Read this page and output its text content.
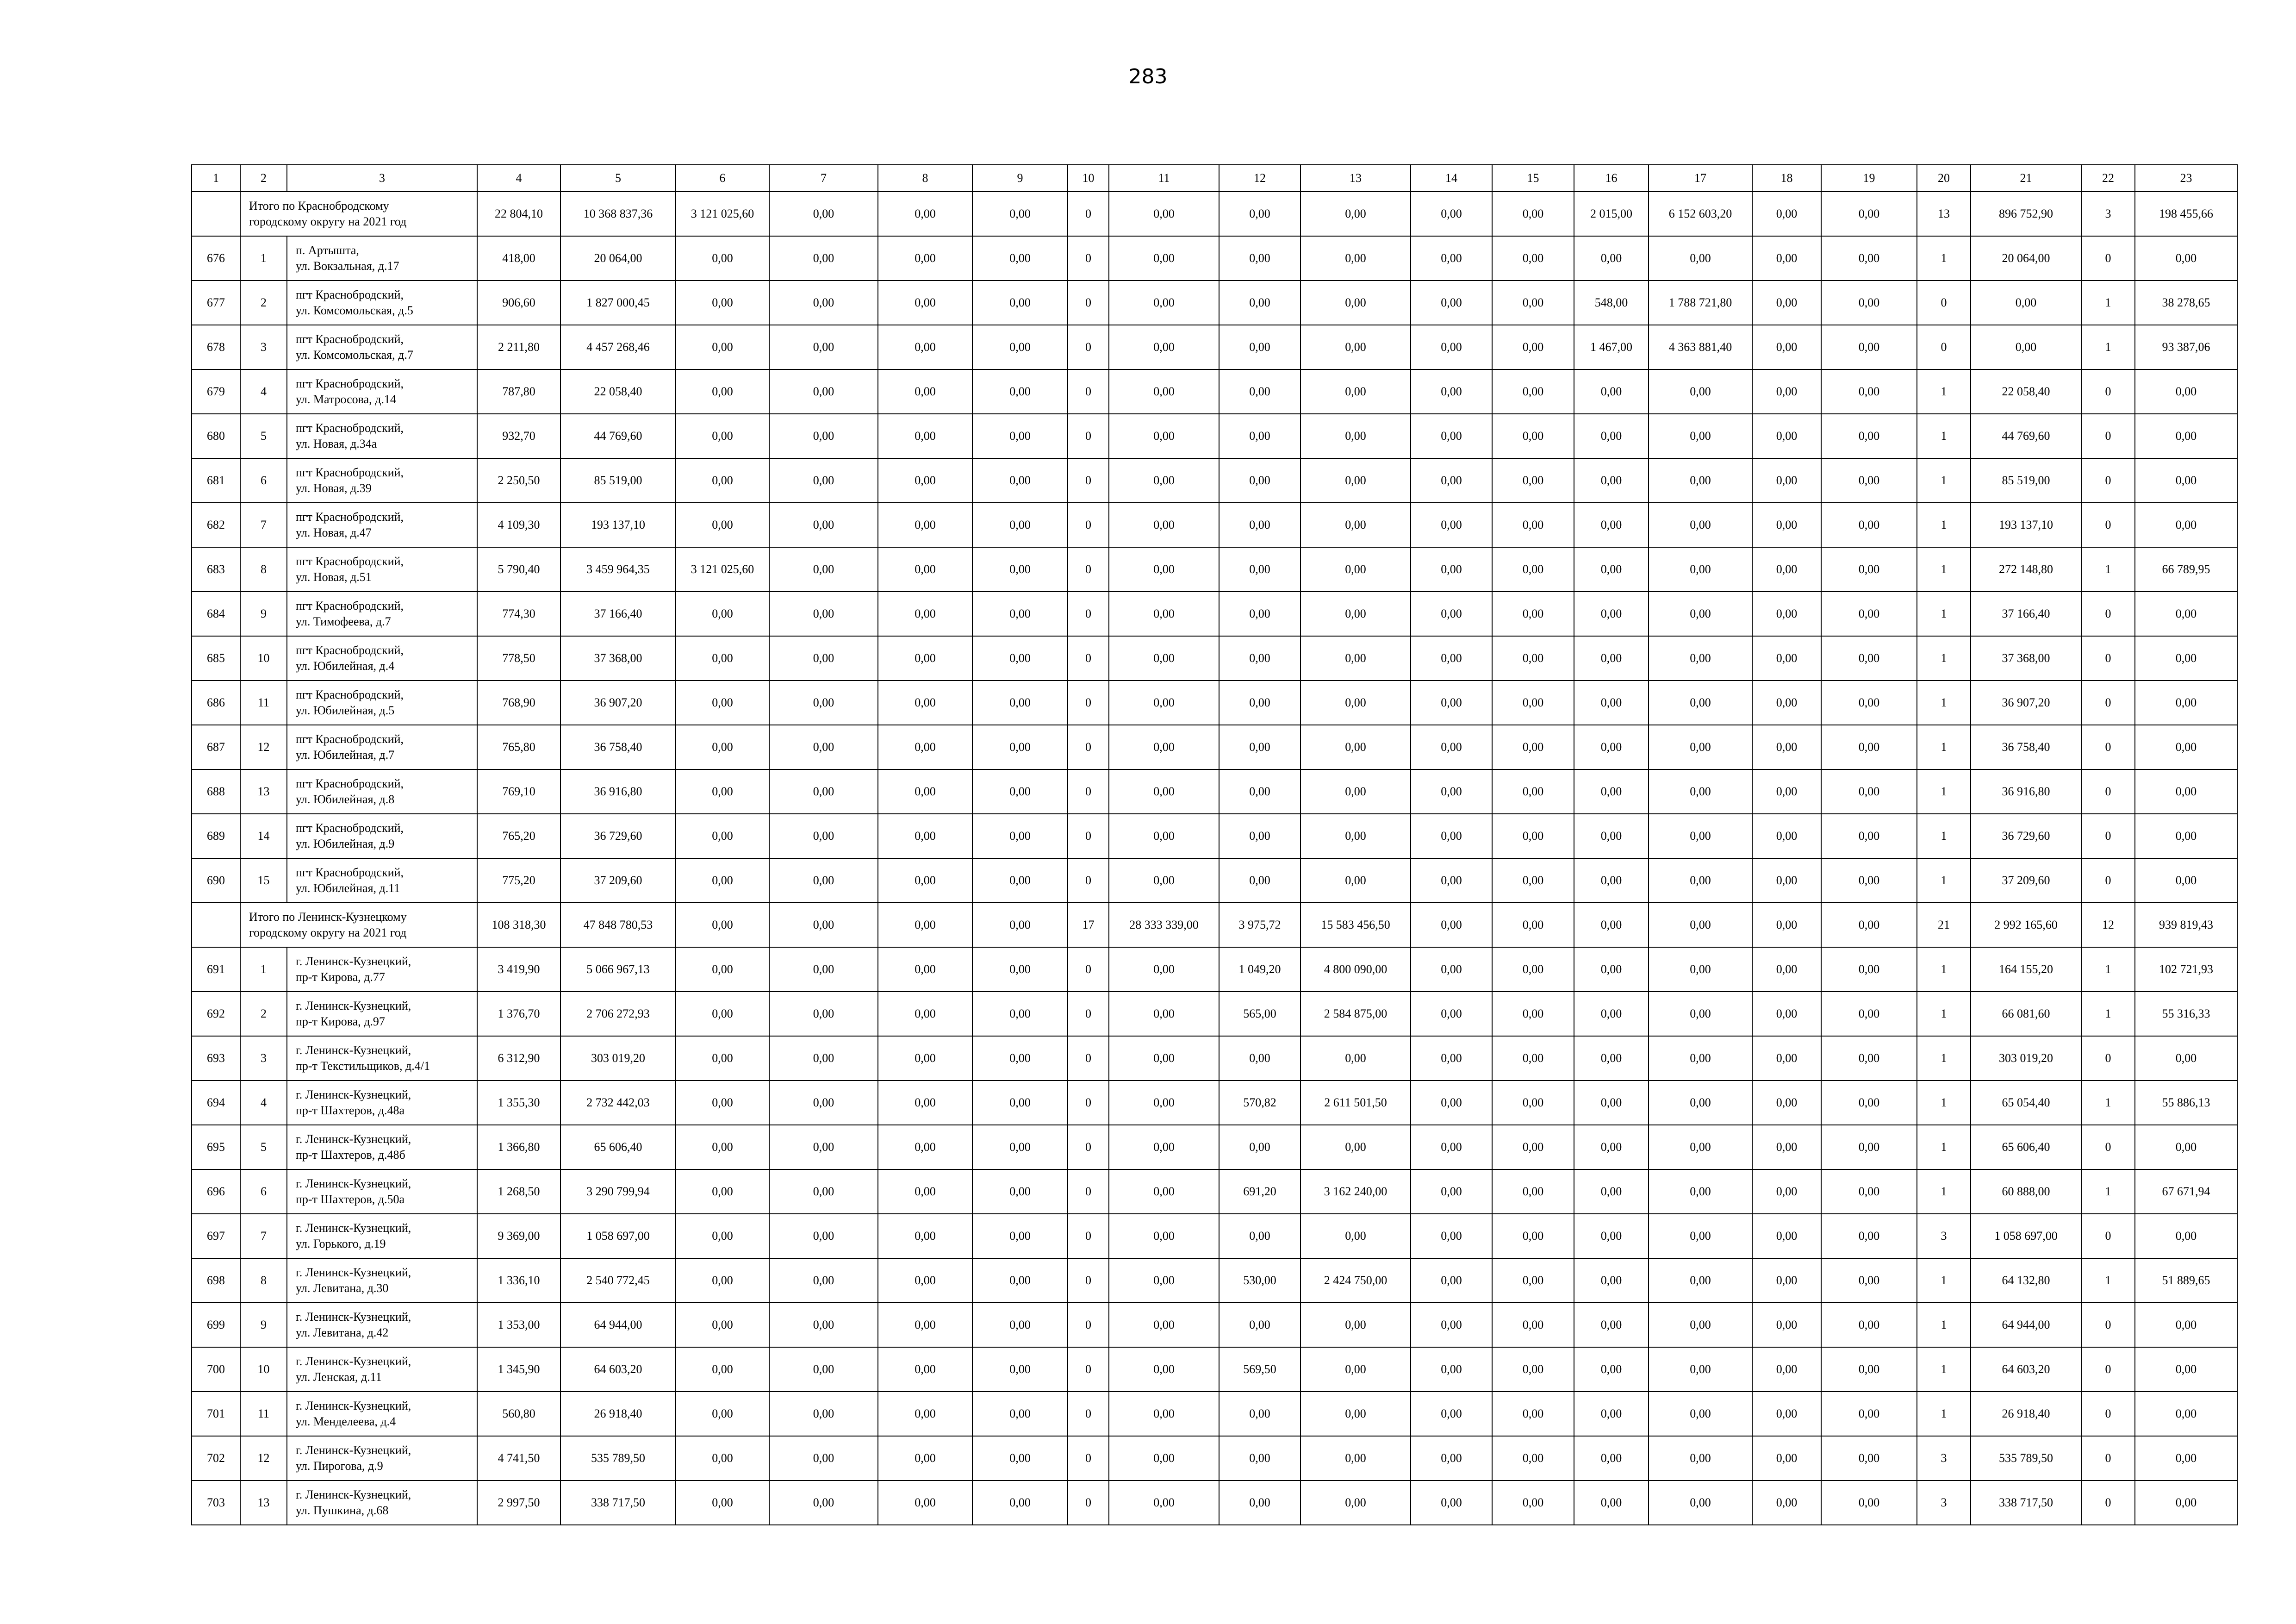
283
1	2	3	4	5	6	7	8	9	10	11	12	13	14	15	16	17	18	19	20	21	22	23
	Итого по Краснобродскому
городскому округу на 2021 год		22 804,10	10 368 837,36	3 121 025,60	0,00	0,00	0,00	0	0,00	0,00	0,00	0,00	0,00	2 015,00	6 152 603,20	0,00	0,00	13	896 752,90	3	198 455,66
676	1	п. Артышта,
ул. Вокзальная, д.17	418,00	20 064,00	0,00	0,00	0,00	0,00	0	0,00	0,00	0,00	0,00	0,00	0,00	0,00	0,00	0,00	1	20 064,00	0	0,00
677	2	пгт Краснобродский,
ул. Комсомольская, д.5	906,60	1 827 000,45	0,00	0,00	0,00	0,00	0	0,00	0,00	0,00	0,00	0,00	548,00	1 788 721,80	0,00	0,00	0	0,00	1	38 278,65
678	3	пгт Краснобродский,
ул. Комсомольская, д.7	2 211,80	4 457 268,46	0,00	0,00	0,00	0,00	0	0,00	0,00	0,00	0,00	0,00	1 467,00	4 363 881,40	0,00	0,00	0	0,00	1	93 387,06
679	4	пгт Краснобродский,
ул. Матросова, д.14	787,80	22 058,40	0,00	0,00	0,00	0,00	0	0,00	0,00	0,00	0,00	0,00	0,00	0,00	0,00	0,00	1	22 058,40	0	0,00
680	5	пгт Краснобродский,
ул. Новая, д.34а	932,70	44 769,60	0,00	0,00	0,00	0,00	0	0,00	0,00	0,00	0,00	0,00	0,00	0,00	0,00	0,00	1	44 769,60	0	0,00
681	6	пгт Краснобродский,
ул. Новая, д.39	2 250,50	85 519,00	0,00	0,00	0,00	0,00	0	0,00	0,00	0,00	0,00	0,00	0,00	0,00	0,00	0,00	1	85 519,00	0	0,00
682	7	пгт Краснобродский,
ул. Новая, д.47	4 109,30	193 137,10	0,00	0,00	0,00	0,00	0	0,00	0,00	0,00	0,00	0,00	0,00	0,00	0,00	0,00	1	193 137,10	0	0,00
683	8	пгт Краснобродский,
ул. Новая, д.51	5 790,40	3 459 964,35	3 121 025,60	0,00	0,00	0,00	0	0,00	0,00	0,00	0,00	0,00	0,00	0,00	0,00	0,00	1	272 148,80	1	66 789,95
684	9	пгт Краснобродский,
ул. Тимофеева, д.7	774,30	37 166,40	0,00	0,00	0,00	0,00	0	0,00	0,00	0,00	0,00	0,00	0,00	0,00	0,00	0,00	1	37 166,40	0	0,00
685	10	пгт Краснобродский,
ул. Юбилейная, д.4	778,50	37 368,00	0,00	0,00	0,00	0,00	0	0,00	0,00	0,00	0,00	0,00	0,00	0,00	0,00	0,00	1	37 368,00	0	0,00
686	11	пгт Краснобродский,
ул. Юбилейная, д.5	768,90	36 907,20	0,00	0,00	0,00	0,00	0	0,00	0,00	0,00	0,00	0,00	0,00	0,00	0,00	0,00	1	36 907,20	0	0,00
687	12	пгт Краснобродский,
ул. Юбилейная, д.7	765,80	36 758,40	0,00	0,00	0,00	0,00	0	0,00	0,00	0,00	0,00	0,00	0,00	0,00	0,00	0,00	1	36 758,40	0	0,00
688	13	пгт Краснобродский,
ул. Юбилейная, д.8	769,10	36 916,80	0,00	0,00	0,00	0,00	0	0,00	0,00	0,00	0,00	0,00	0,00	0,00	0,00	0,00	1	36 916,80	0	0,00
689	14	пгт Краснобродский,
ул. Юбилейная, д.9	765,20	36 729,60	0,00	0,00	0,00	0,00	0	0,00	0,00	0,00	0,00	0,00	0,00	0,00	0,00	0,00	1	36 729,60	0	0,00
690	15	пгт Краснобродский,
ул. Юбилейная, д.11	775,20	37 209,60	0,00	0,00	0,00	0,00	0	0,00	0,00	0,00	0,00	0,00	0,00	0,00	0,00	0,00	1	37 209,60	0	0,00
	Итого по Ленинск-Кузнецкому
городскому округу на 2021 год		108 318,30	47 848 780,53	0,00	0,00	0,00	0,00	17	28 333 339,00	3 975,72	15 583 456,50	0,00	0,00	0,00	0,00	0,00	0,00	21	2 992 165,60	12	939 819,43
691	1	г. Ленинск-Кузнецкий,
пр-т Кирова, д.77	3 419,90	5 066 967,13	0,00	0,00	0,00	0,00	0	0,00	1 049,20	4 800 090,00	0,00	0,00	0,00	0,00	0,00	0,00	1	164 155,20	1	102 721,93
692	2	г. Ленинск-Кузнецкий,
пр-т Кирова, д.97	1 376,70	2 706 272,93	0,00	0,00	0,00	0,00	0	0,00	565,00	2 584 875,00	0,00	0,00	0,00	0,00	0,00	0,00	1	66 081,60	1	55 316,33
693	3	г. Ленинск-Кузнецкий,
пр-т Текстильщиков, д.4/1	6 312,90	303 019,20	0,00	0,00	0,00	0,00	0	0,00	0,00	0,00	0,00	0,00	0,00	0,00	0,00	0,00	1	303 019,20	0	0,00
694	4	г. Ленинск-Кузнецкий,
пр-т Шахтеров, д.48а	1 355,30	2 732 442,03	0,00	0,00	0,00	0,00	0	0,00	570,82	2 611 501,50	0,00	0,00	0,00	0,00	0,00	0,00	1	65 054,40	1	55 886,13
695	5	г. Ленинск-Кузнецкий,
пр-т Шахтеров, д.48б	1 366,80	65 606,40	0,00	0,00	0,00	0,00	0	0,00	0,00	0,00	0,00	0,00	0,00	0,00	0,00	0,00	1	65 606,40	0	0,00
696	6	г. Ленинск-Кузнецкий,
пр-т Шахтеров, д.50а	1 268,50	3 290 799,94	0,00	0,00	0,00	0,00	0	0,00	691,20	3 162 240,00	0,00	0,00	0,00	0,00	0,00	0,00	1	60 888,00	1	67 671,94
697	7	г. Ленинск-Кузнецкий,
ул. Горького, д.19	9 369,00	1 058 697,00	0,00	0,00	0,00	0,00	0	0,00	0,00	0,00	0,00	0,00	0,00	0,00	0,00	0,00	3	1 058 697,00	0	0,00
698	8	г. Ленинск-Кузнецкий,
ул. Левитана, д.30	1 336,10	2 540 772,45	0,00	0,00	0,00	0,00	0	0,00	530,00	2 424 750,00	0,00	0,00	0,00	0,00	0,00	0,00	1	64 132,80	1	51 889,65
699	9	г. Ленинск-Кузнецкий,
ул. Левитана, д.42	1 353,00	64 944,00	0,00	0,00	0,00	0,00	0	0,00	0,00	0,00	0,00	0,00	0,00	0,00	0,00	0,00	1	64 944,00	0	0,00
700	10	г. Ленинск-Кузнецкий,
ул. Ленская, д.11	1 345,90	64 603,20	0,00	0,00	0,00	0,00	0	0,00	569,50	0,00	0,00	0,00	0,00	0,00	0,00	0,00	1	64 603,20	0	0,00
701	11	г. Ленинск-Кузнецкий,
ул. Менделеева, д.4	560,80	26 918,40	0,00	0,00	0,00	0,00	0	0,00	0,00	0,00	0,00	0,00	0,00	0,00	0,00	0,00	1	26 918,40	0	0,00
702	12	г. Ленинск-Кузнецкий,
ул. Пирогова, д.9	4 741,50	535 789,50	0,00	0,00	0,00	0,00	0	0,00	0,00	0,00	0,00	0,00	0,00	0,00	0,00	0,00	3	535 789,50	0	0,00
703	13	г. Ленинск-Кузнецкий,
ул. Пушкина, д.68	2 997,50	338 717,50	0,00	0,00	0,00	0,00	0	0,00	0,00	0,00	0,00	0,00	0,00	0,00	0,00	0,00	3	338 717,50	0	0,00
